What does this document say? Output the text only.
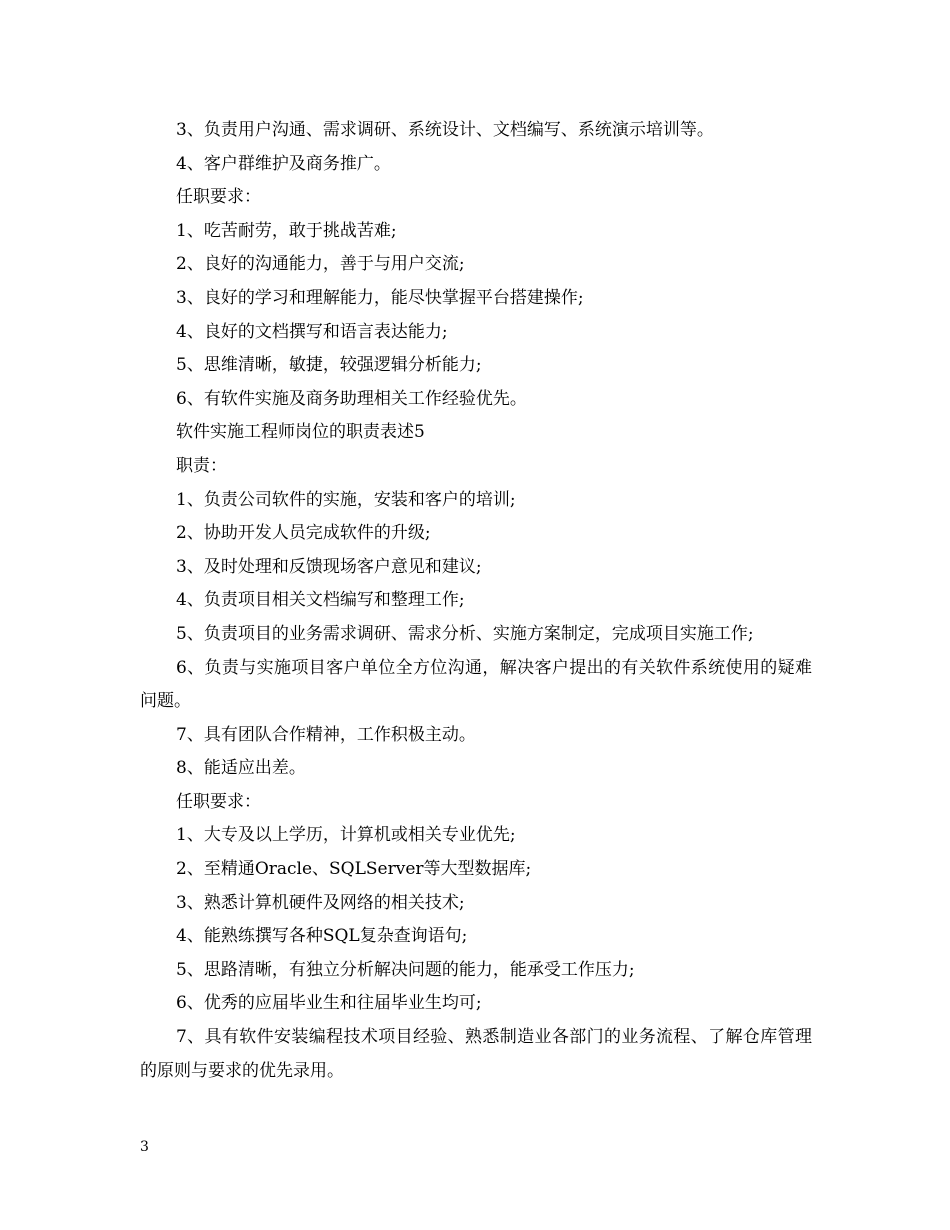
3、负责用户沟通、需求调研、系统设计、文档编写、系统演示培训等。
4、客户群维护及商务推广。
任职要求：
1、吃苦耐劳，敢于挑战苦难;
2、良好的沟通能力，善于与用户交流;
3、良好的学习和理解能力，能尽快掌握平台搭建操作;
4、良好的文档撰写和语言表达能力;
5、思维清晰，敏捷，较强逻辑分析能力;
6、有软件实施及商务助理相关工作经验优先。
软件实施工程师岗位的职责表述5
职责：
1、负责公司软件的实施，安装和客户的培训;
2、协助开发人员完成软件的升级;
3、及时处理和反馈现场客户意见和建议;
4、负责项目相关文档编写和整理工作;
5、负责项目的业务需求调研、需求分析、实施方案制定，完成项目实施工作;
6、负责与实施项目客户单位全方位沟通，解决客户提出的有关软件系统使用的疑难问题。
7、具有团队合作精神，工作积极主动。
8、能适应出差。
任职要求：
1、大专及以上学历，计算机或相关专业优先;
2、至精通Oracle、SQLServer等大型数据库;
3、熟悉计算机硬件及网络的相关技术;
4、能熟练撰写各种SQL复杂查询语句;
5、思路清晰，有独立分析解决问题的能力，能承受工作压力;
6、优秀的应届毕业生和往届毕业生均可;
7、具有软件安装编程技术项目经验、熟悉制造业各部门的业务流程、了解仓库管理的原则与要求的优先录用。
3
